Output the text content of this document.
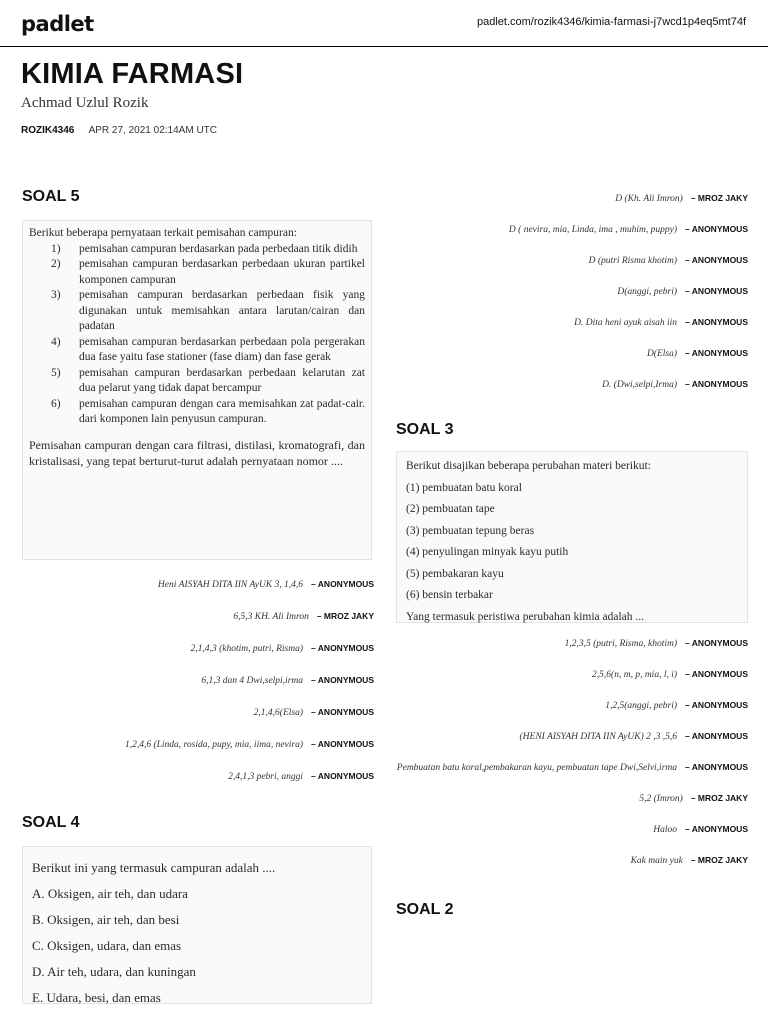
padlet	padlet.com/rozik4346/kimia-farmasi-j7wcd1p4eq5mt74f
KIMIA FARMASI
Achmad Uzlul Rozik
ROZIK4346 APR 27, 2021 02:14AM UTC
SOAL 5
Berikut beberapa pernyataan terkait pemisahan campuran:
1) pemisahan campuran berdasarkan pada perbedaan titik didih
2) pemisahan campuran berdasarkan perbedaan ukuran partikel komponen campuran
3) pemisahan campuran berdasarkan perbedaan fisik yang digunakan untuk memisahkan antara larutan/cairan dan padatan
4) pemisahan campuran berdasarkan perbedaan pola pergerakan dua fase yaitu fase stationer (fase diam) dan fase gerak
5) pemisahan campuran berdasarkan perbedaan kelarutan zat dua pelarut yang tidak dapat bercampur
6) pemisahan campuran dengan cara memisahkan zat padat-cair. dari komponen lain penyusun campuran.
Pemisahan campuran dengan cara filtrasi, distilasi, kromatografi, dan kristalisasi, yang tepat berturut-turut adalah pernyataan nomor ....
Heni AISYAH DITA IIN AyUK 3, 1,4,6 – ANONYMOUS
6,5,3 KH. Ali Imron – MROZ JAKY
2,1,4,3 (khotim, putri, Risma) – ANONYMOUS
6,1,3 dan 4 Dwi,selpi,irma – ANONYMOUS
2,1,4,6(Elsa) – ANONYMOUS
1,2,4,6 (Linda, rosida, pupy, mia, iima, nevira) – ANONYMOUS
2,4,1,3 pebri, anggi – ANONYMOUS
SOAL 4
Berikut ini yang termasuk campuran adalah ....
A. Oksigen, air teh, dan udara
B. Oksigen, air teh, dan besi
C. Oksigen, udara, dan emas
D. Air teh, udara, dan kuningan
E. Udara, besi, dan emas
D (Kh. Ali Imron) – MROZ JAKY
D ( nevira, mia, Linda, ima , muhim, puppy) – ANONYMOUS
D (putri Risma khotim) – ANONYMOUS
D(anggi, pebri) – ANONYMOUS
D. Dita heni ayuk aisah iin – ANONYMOUS
D(Elsa) – ANONYMOUS
D. (Dwi,selpi,Irma) – ANONYMOUS
SOAL 3
Berikut disajikan beberapa perubahan materi berikut:
(1) pembuatan batu koral
(2) pembuatan tape
(3) pembuatan tepung beras
(4) penyulingan minyak kayu putih
(5) pembakaran kayu
(6) bensin terbakar
Yang termasuk peristiwa perubahan kimia adalah ...
1,2,3,5 (putri, Risma, khotim) – ANONYMOUS
2,5,6(n, m, p, mia, l, i) – ANONYMOUS
1,2,5(anggi, pebri) – ANONYMOUS
(HENI AISYAH DITA IIN AyUK) 2 ,3 ,5,6 – ANONYMOUS
Pembuatan batu koral,pembakaran kayu, pembuatan tape Dwi,Selvi,irma – ANONYMOUS
5,2 (Imron) – MROZ JAKY
Haloo – ANONYMOUS
Kak main yuk – MROZ JAKY
SOAL 2
